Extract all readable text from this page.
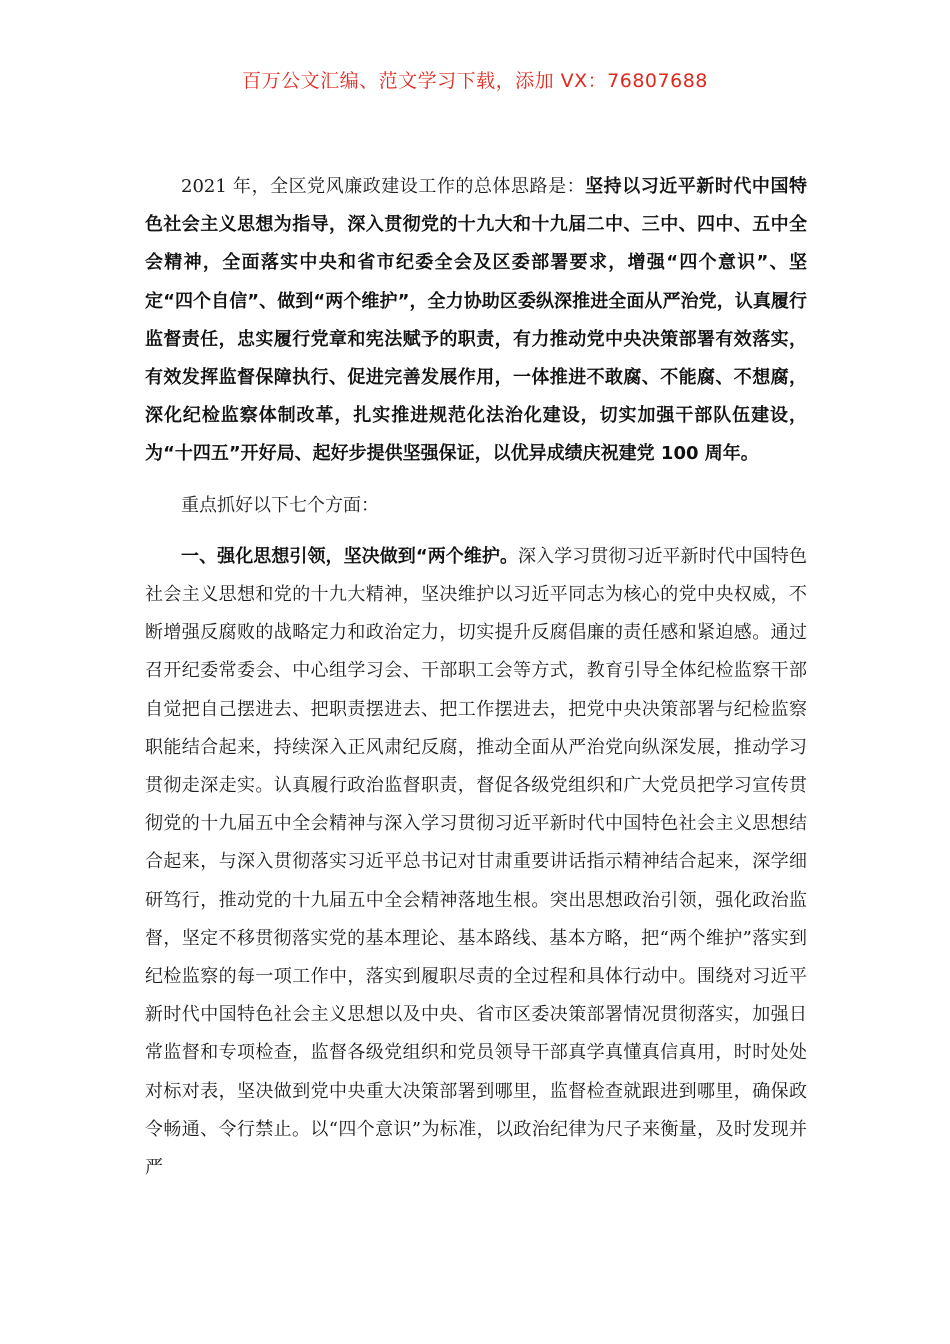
百万公文汇编、范文学习下载，添加 VX：76807688

2021 年，全区党风廉政建设工作的总体思路是：坚持以习近平新时代中国特色社会主义思想为指导，深入贯彻党的十九大和十九届二中、三中、四中、五中全会精神，全面落实中央和省市纪委全会及区委部署要求，增强“四个意识”、坚定“四个自信”、做到“两个维护”，全力协助区委纵深推进全面从严治党，认真履行监督责任，忠实履行党章和宪法赋予的职责，有力推动党中央决策部署有效落实，有效发挥监督保障执行、促进完善发展作用，一体推进不敢腐、不能腐、不想腐，深化纪检监察体制改革，扎实推进规范化法治化建设，切实加强干部队伍建设，为“十四五”开好局、起好步提供坚强保证，以优异成绩庆祝建党 100 周年。

重点抓好以下七个方面：

一、强化思想引领，坚决做到“两个维护。深入学习贯彻习近平新时代中国特色社会主义思想和党的十九大精神，坚决维护以习近平同志为核心的党中央权威，不断增强反腐败的战略定力和政治定力，切实提升反腐倡廉的责任感和紧迫感。通过召开纪委常委会、中心组学习会、干部职工会等方式，教育引导全体纪检监察干部自觉把自己摆进去、把职责摆进去、把工作摆进去，把党中央决策部署与纪检监察职能结合起来，持续深入正风肃纪反腐，推动全面从严治党向纵深发展，推动学习贯彻走深走实。认真履行政治监督职责，督促各级党组织和广大党员把学习宣传贯彻党的十九届五中全会精神与深入学习贯彻习近平新时代中国特色社会主义思想结合起来，与深入贯彻落实习近平总书记对甘肃重要讲话指示精神结合起来，深学细研笃行，推动党的十九届五中全会精神落地生根。突出思想政治引领，强化政治监督，坚定不移贯彻落实党的基本理论、基本路线、基本方略，把“两个维护”落实到纪检监察的每一项工作中，落实到履职尽责的全过程和具体行动中。围绕对习近平新时代中国特色社会主义思想以及中央、省市区委决策部署情况贯彻落实，加强日常监督和专项检查，监督各级党组织和党员领导干部真学真懂真信真用，时时处处对标对表，坚决做到党中央重大决策部署到哪里，监督检查就跟进到哪里，确保政令畅通、令行禁止。以“四个意识”为标准，以政治纪律为尺子来衡量，及时发现并严
